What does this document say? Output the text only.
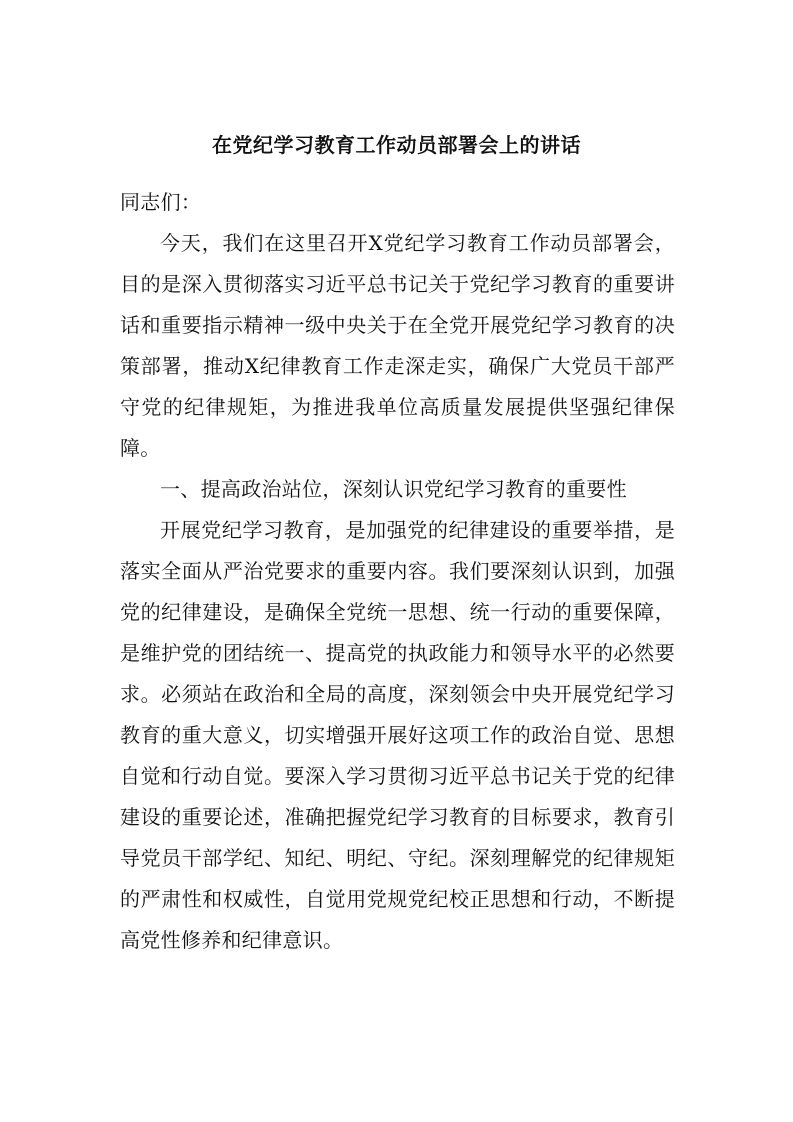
在党纪学习教育工作动员部署会上的讲话

同志们：

今天，我们在这里召开X党纪学习教育工作动员部署会，目的是深入贯彻落实习近平总书记关于党纪学习教育的重要讲话和重要指示精神一级中央关于在全党开展党纪学习教育的决策部署，推动X纪律教育工作走深走实，确保广大党员干部严守党的纪律规矩，为推进我单位高质量发展提供坚强纪律保障。

一、提高政治站位，深刻认识党纪学习教育的重要性

开展党纪学习教育，是加强党的纪律建设的重要举措，是落实全面从严治党要求的重要内容。我们要深刻认识到，加强党的纪律建设，是确保全党统一思想、统一行动的重要保障，是维护党的团结统一、提高党的执政能力和领导水平的必然要求。必须站在政治和全局的高度，深刻领会中央开展党纪学习教育的重大意义，切实增强开展好这项工作的政治自觉、思想自觉和行动自觉。要深入学习贯彻习近平总书记关于党的纪律建设的重要论述，准确把握党纪学习教育的目标要求，教育引导党员干部学纪、知纪、明纪、守纪。深刻理解党的纪律规矩的严肃性和权威性，自觉用党规党纪校正思想和行动，不断提高党性修养和纪律意识。
